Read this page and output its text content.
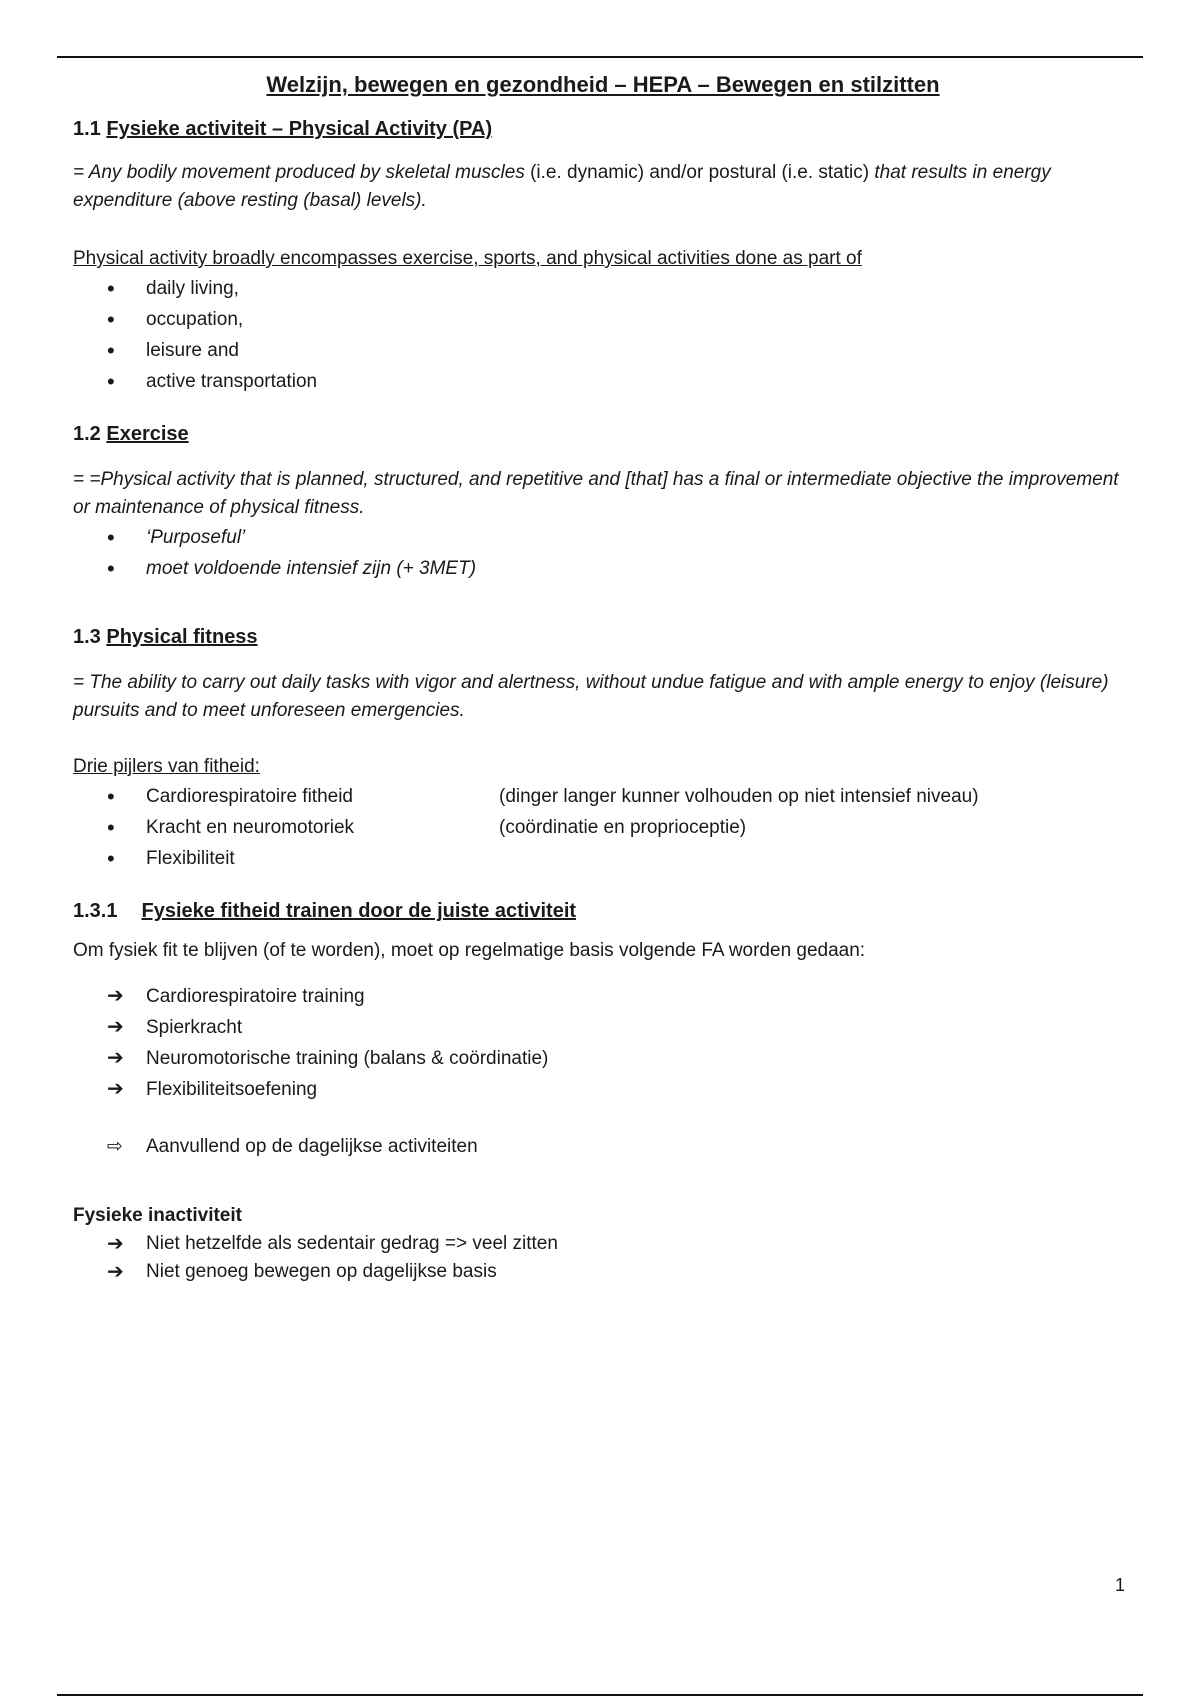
Welzijn, bewegen en gezondheid – HEPA – Bewegen en stilzitten
1.1 Fysieke activiteit – Physical Activity (PA)

= Any bodily movement produced by skeletal muscles (i.e. dynamic) and/or postural (i.e. static) that results in energy expenditure (above resting (basal) levels).

Physical activity broadly encompasses exercise, sports, and physical activities done as part of

•
daily living,
•
occupation,
•
leisure and
•
active transportation
1.2 Exercise

= =Physical activity that is planned, structured, and repetitive and [that] has a final or intermediate objective the improvement or maintenance of physical fitness.

•
‘Purposeful’
•
moet voldoende intensief zijn (+ 3MET)
1.3 Physical fitness

= The ability to carry out daily tasks with vigor and alertness, without undue fatigue and with ample energy to enjoy (leisure) pursuits and to meet unforeseen emergencies.

Drie pijlers van fitheid:

•
Cardiorespiratoire fitheid	(dinger langer kunner volhouden op niet intensief niveau)
•
Kracht en neuromotoriek	(coördinatie en proprioceptie)
•
Flexibiliteit
1.3.1 Fysieke fitheid trainen door de juiste activiteit

Om fysiek fit te blijven (of te worden), moet op regelmatige basis volgende FA worden gedaan:

➔	Cardiorespiratoire training
➔	Spierkracht
➔	Neuromotorische training (balans & coördinatie)
➔	Flexibiliteitsoefening
⇨	Aanvullend op de dagelijkse activiteiten

Fysieke inactiviteit

➔	Niet hetzelfde als sedentair gedrag => veel zitten
➔	Niet genoeg bewegen op dagelijkse basis
1
